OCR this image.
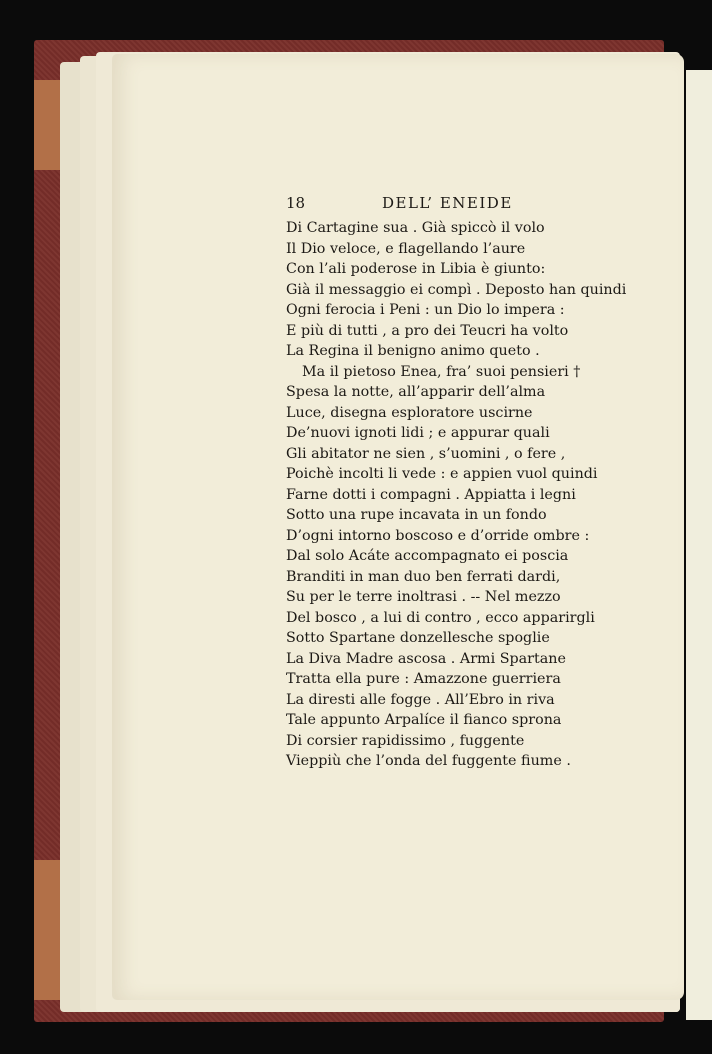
18	DELL’ ENEIDE
Di Cartagine sua . Già spiccò il volo
Il Dio veloce, e flagellando l’aure
Con l’ali poderose in Libia è giunto:
Già il messaggio ei compì . Deposto han quindi
Ogni ferocia i Peni : un Dio lo impera :
E più di tutti , a pro dei Teucri ha volto
La Regina il benigno animo queto .
Ma il pietoso Enea, fra’ suoi pensieri †
Spesa la notte, all’apparir dell’alma
Luce, disegna esploratore uscirne
De’nuovi ignoti lidi ; e appurar quali
Gli abitator ne sien , s’uomini , o fere ,
Poichè incolti li vede : e appien vuol quindi
Farne dotti i compagni . Appiatta i legni
Sotto una rupe incavata in un fondo
D’ogni intorno boscoso e d’orride ombre :
Dal solo Acáte accompagnato ei poscia
Branditi in man duo ben ferrati dardi,
Su per le terre inoltrasi . -- Nel mezzo
Del bosco , a lui di contro , ecco apparirgli
Sotto Spartane donzellesche spoglie
La Diva Madre ascosa . Armi Spartane
Tratta ella pure : Amazzone guerriera
La diresti alle fogge . All’Ebro in riva
Tale appunto Arpalíce il fianco sprona
Di corsier rapidissimo , fuggente
Vieppiù che l’onda del fuggente fiume .
